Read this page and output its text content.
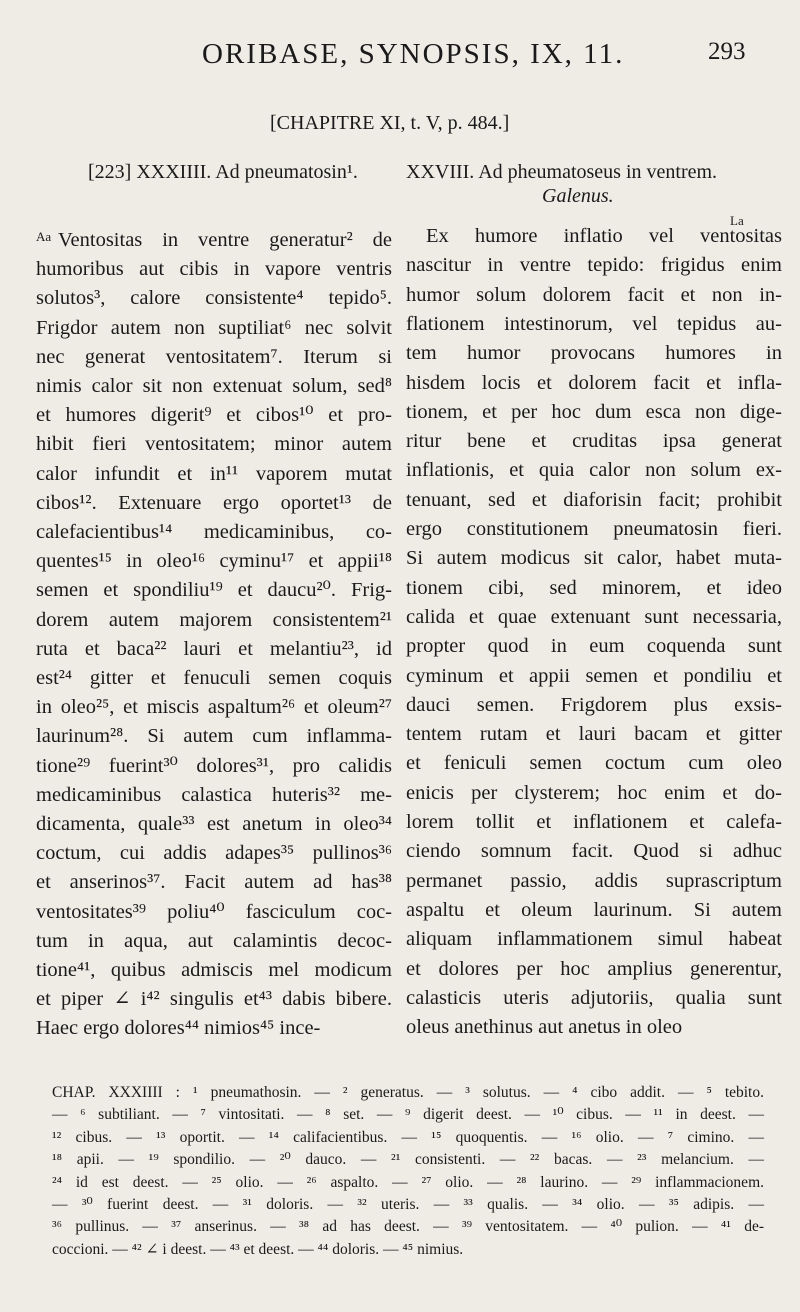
ORIBASE, SYNOPSIS, IX, 11.	293
[CHAPITRE XI, t. V, p. 484.]
[223] XXXIIII. Ad pneumatosin¹.
Aa Ventositas in ventre generatur² de
humoribus aut cibis in vapore ventris
solutos³, calore consistente⁴ tepido⁵.
Frigdor autem non suptiliat⁶ nec solvit
nec generat ventositatem⁷. Iterum si
nimis calor sit non extenuat solum, sed⁸
et humores digerit⁹ et cibos¹⁰ et pro-
hibit fieri ventositatem; minor autem
calor infundit et in¹¹ vaporem mutat
cibos¹². Extenuare ergo oportet¹³ de
calefacientibus¹⁴ medicaminibus, co-
quentes¹⁵ in oleo¹⁶ cyminu¹⁷ et appii¹⁸
semen et spondiliu¹⁹ et daucu²⁰. Frig-
dorem autem majorem consistentem²¹
ruta et baca²² lauri et melantiu²³, id
est²⁴ gitter et fenuculi semen coquis
in oleo²⁵, et miscis aspaltum²⁶ et oleum²⁷
laurinum²⁸. Si autem cum inflamma-
tione²⁹ fuerint³⁰ dolores³¹, pro calidis
medicaminibus calastica huteris³² me-
dicamenta, quale³³ est anetum in oleo³⁴
coctum, cui addis adapes³⁵ pullinos³⁶
et anserinos³⁷. Facit autem ad has³⁸
ventositates³⁹ poliu⁴⁰ fasciculum coc-
tum in aqua, aut calamintis decoc-
tione⁴¹, quibus admiscis mel modicum
et piper ∠ i⁴² singulis et⁴³ dabis bibere.
Haec ergo dolores⁴⁴ nimios⁴⁵ ince-
XXVIII. Ad pheumatoseus in ventrem.
Galenus.
La
Ex humore inflatio vel ventositas
nascitur in ventre tepido: frigidus enim
humor solum dolorem facit et non in-
flationem intestinorum, vel tepidus au-
tem humor provocans humores in
hisdem locis et dolorem facit et infla-
tionem, et per hoc dum esca non dige-
ritur bene et cruditas ipsa generat
inflationis, et quia calor non solum ex-
tenuant, sed et diaforisin facit; prohibit
ergo constitutionem pneumatosin fieri.
Si autem modicus sit calor, habet muta-
tionem cibi, sed minorem, et ideo
calida et quae extenuant sunt necessaria,
propter quod in eum coquenda sunt
cyminum et appii semen et pondiliu et
dauci semen. Frigdorem plus exsis-
tentem rutam et lauri bacam et gitter
et feniculi semen coctum cum oleo
enicis per clysterem; hoc enim et do-
lorem tollit et inflationem et calefa-
ciendo somnum facit. Quod si adhuc
permanet passio, addis suprascriptum
aspaltu et oleum laurinum. Si autem
aliquam inflammationem simul habeat
et dolores per hoc amplius generentur,
calasticis uteris adjutoriis, qualia sunt
oleus anethinus aut anetus in oleo
CHAP. XXXIIII : ¹ pneumathosin. — ² generatus. — ³ solutus. — ⁴ cibo addit. — ⁵ tebito.
— ⁶ subtiliant. — ⁷ vintositati. — ⁸ set. — ⁹ digerit deest. — ¹⁰ cibus. — ¹¹ in deest. —
¹² cibus. — ¹³ oportit. — ¹⁴ califacientibus. — ¹⁵ quoquentis. — ¹⁶ olio. — ⁷ cimino. —
¹⁸ apii. — ¹⁹ spondilio. — ²⁰ dauco. — ²¹ consistenti. — ²² bacas. — ²³ melancium. —
²⁴ id est deest. — ²⁵ olio. — ²⁶ aspalto. — ²⁷ olio. — ²⁸ laurino. — ²⁹ inflammacionem.
— ³⁰ fuerint deest. — ³¹ doloris. — ³² uteris. — ³³ qualis. — ³⁴ olio. — ³⁵ adipis. —
³⁶ pullinus. — ³⁷ anserinus. — ³⁸ ad has deest. — ³⁹ ventositatem. — ⁴⁰ pulion. — ⁴¹ de-
coccioni. — ⁴² ∠ i deest. — ⁴³ et deest. — ⁴⁴ doloris. — ⁴⁵ nimius.
